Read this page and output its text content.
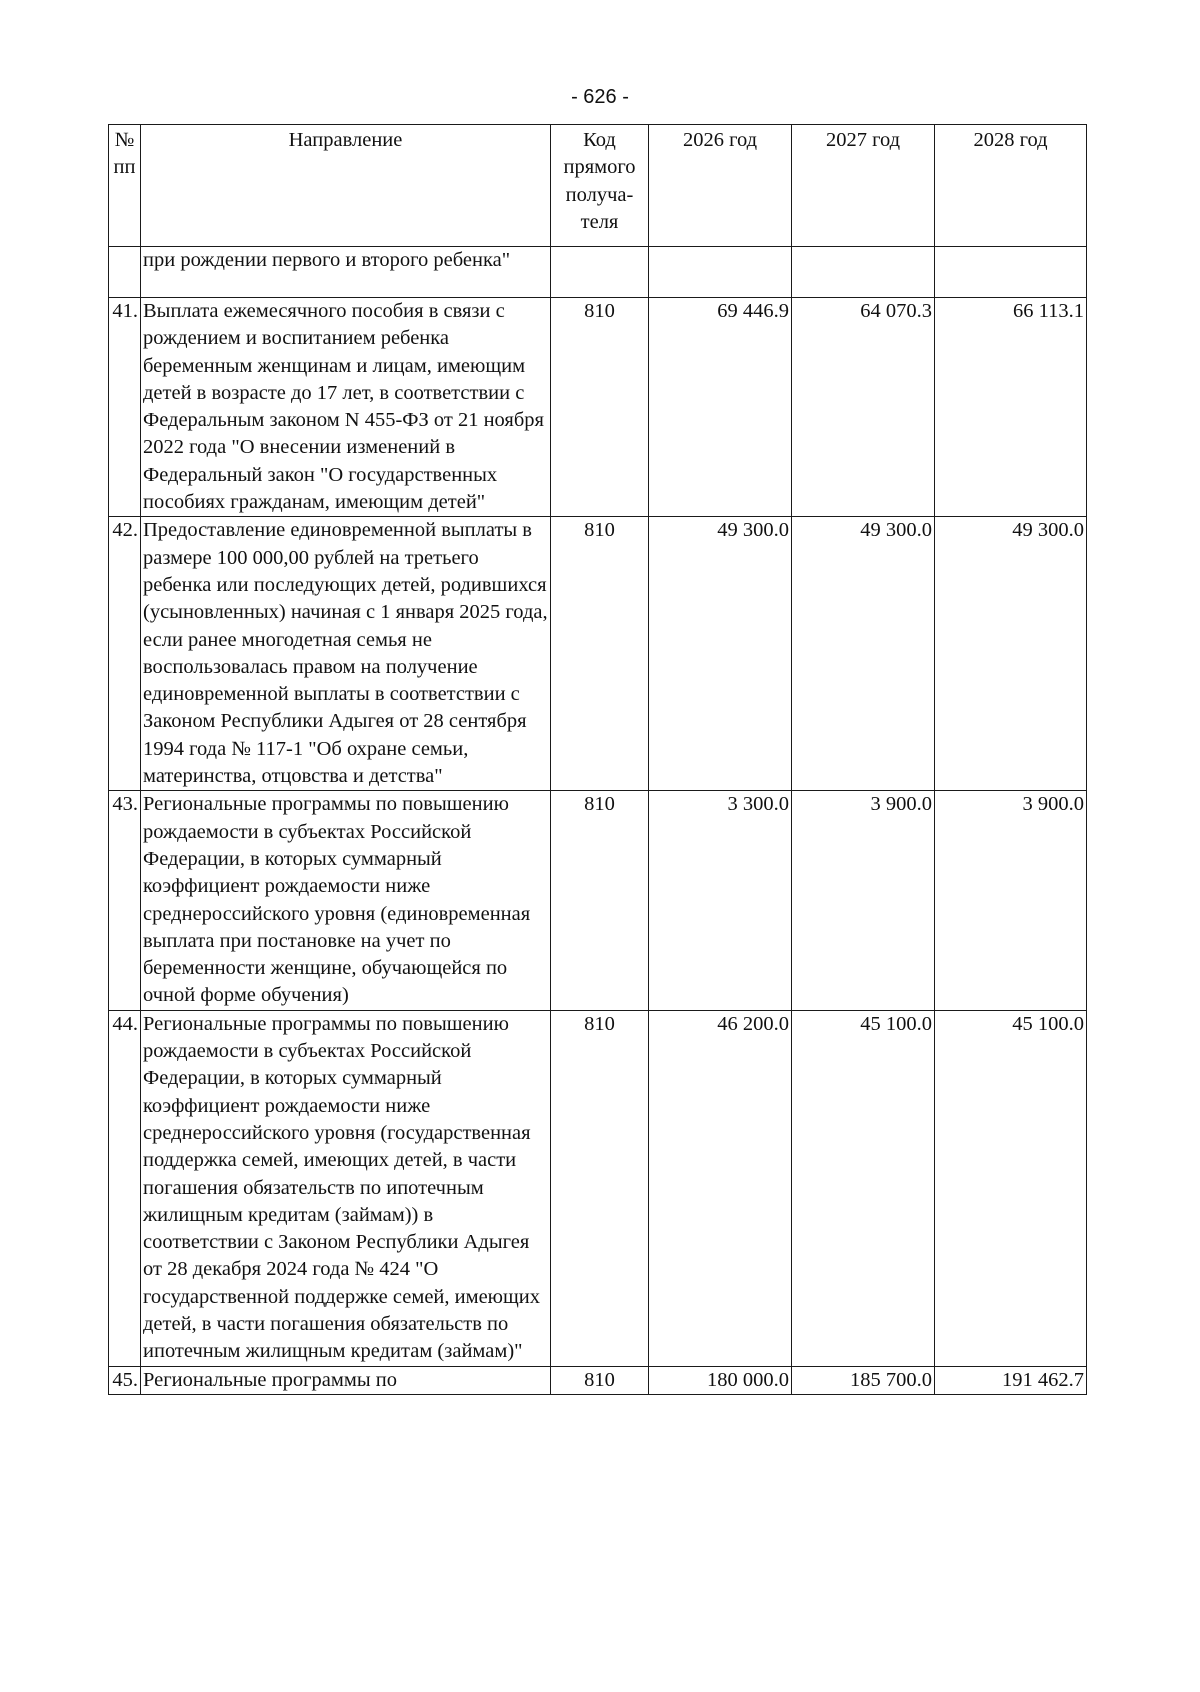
- 626 -
№ пп	Направление	Код прямого получа-теля	2026 год	2027 год	2028 год
	при рождении первого и второго ребенка"				
41.	Выплата ежемесячного пособия в связи с рождением и воспитанием ребенка беременным женщинам и лицам, имеющим детей в возрасте до 17 лет, в соответствии с Федеральным законом N 455-ФЗ от 21 ноября 2022 года "О внесении изменений в Федеральный закон "О государственных пособиях гражданам, имеющим детей"	810	69 446.9	64 070.3	66 113.1
42.	Предоставление единовременной выплаты в размере 100 000,00 рублей на третьего ребенка или последующих детей, родившихся (усыновленных) начиная с 1 января 2025 года, если ранее многодетная семья не воспользовалась правом на получение единовременной выплаты в соответствии с Законом Республики Адыгея от 28 сентября 1994 года № 117-1 "Об охране семьи, материнства, отцовства и детства"	810	49 300.0	49 300.0	49 300.0
43.	Региональные программы по повышению рождаемости в субъектах Российской Федерации, в которых суммарный коэффициент рождаемости ниже среднероссийского уровня (единовременная выплата при постановке на учет по беременности женщине, обучающейся по очной форме обучения)	810	3 300.0	3 900.0	3 900.0
44.	Региональные программы по повышению рождаемости в субъектах Российской Федерации, в которых суммарный коэффициент рождаемости ниже среднероссийского уровня (государственная поддержка семей, имеющих детей, в части погашения обязательств по ипотечным жилищным кредитам (займам)) в соответствии с Законом Республики Адыгея от 28 декабря 2024 года № 424 "О государственной поддержке семей, имеющих детей, в части погашения обязательств по ипотечным жилищным кредитам (займам)"	810	46 200.0	45 100.0	45 100.0
45.	Региональные программы по	810	180 000.0	185 700.0	191 462.7
